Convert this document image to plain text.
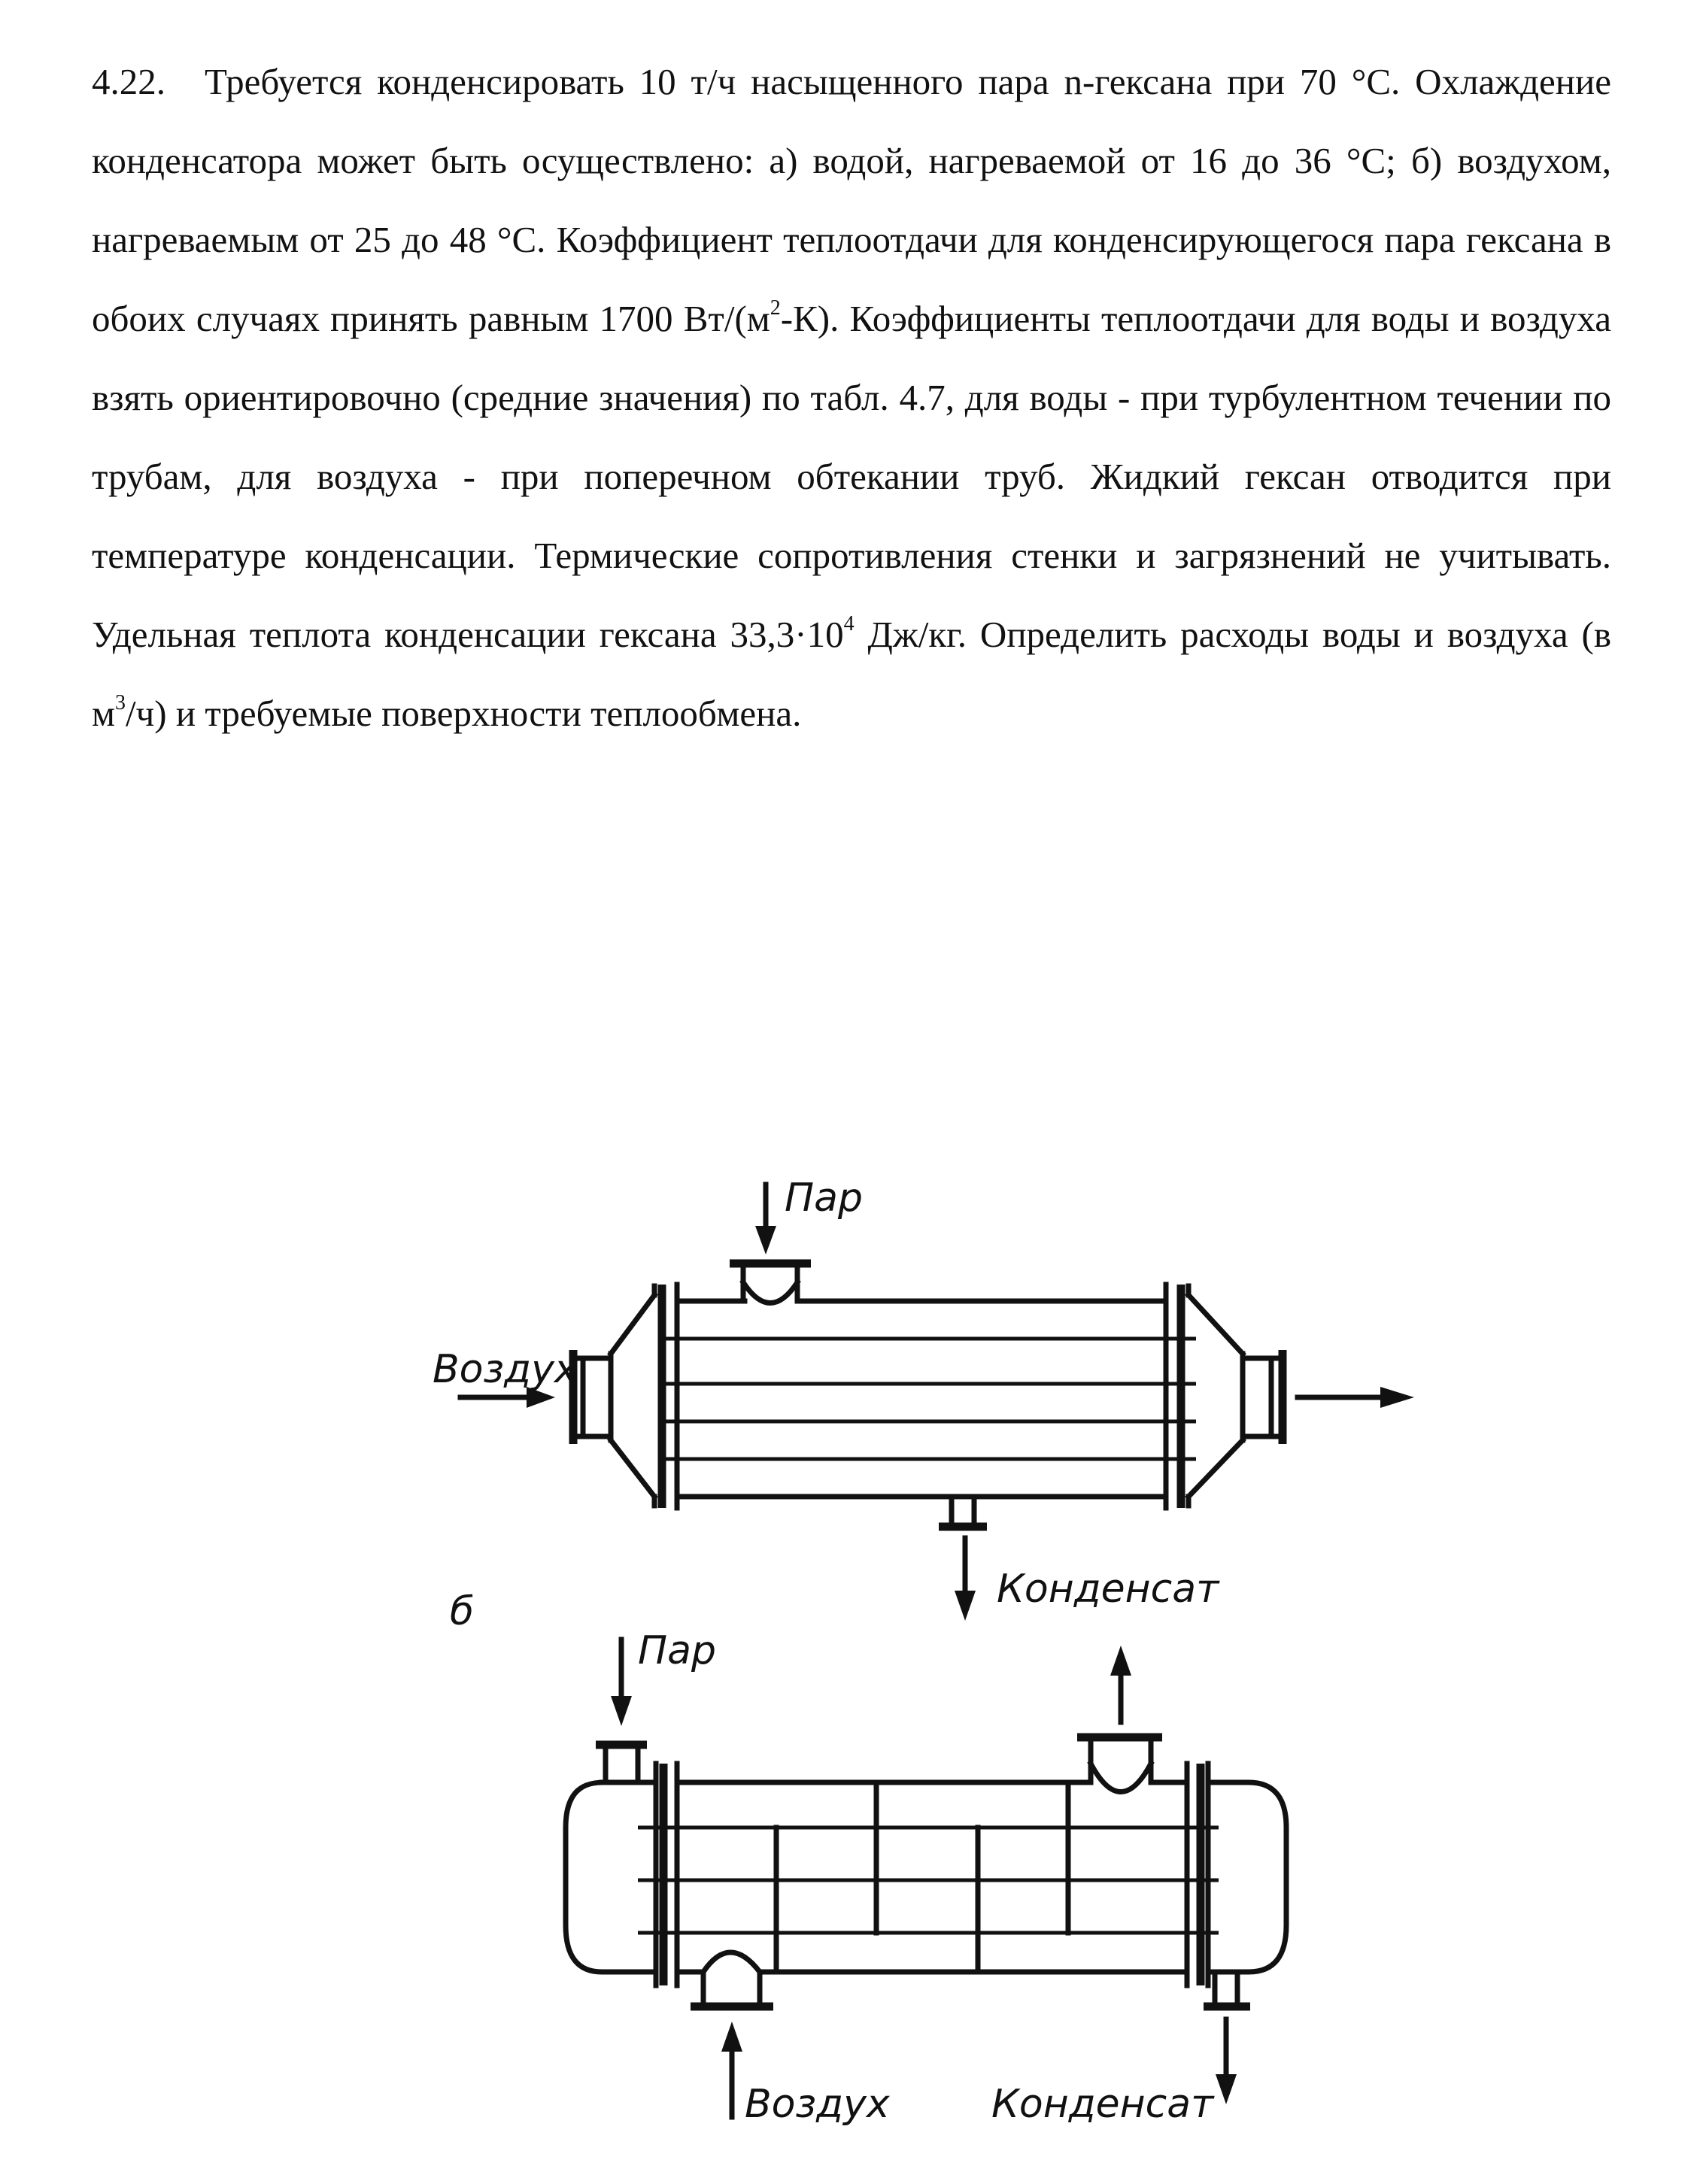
4.22. Требуется конденсировать 10 т/ч насыщенного пара n-гексана при 70 °С. Охлаждение конденсатора может быть осуществлено: а) водой, нагреваемой от 16 до 36 °С; б) воздухом, нагреваемым от 25 до 48 °С. Коэффициент теплоотдачи для конденсирующегося пара гексана в обоих случаях принять равным 1700 $Вт/(м^2-К)$. Коэффициенты теплоотдачи для воды и воздуха взять ориентировочно (средние значения) по табл. 4.7, для воды - при турбулентном течении по трубам, для воздуха - при поперечном обтекании труб. Жидкий гексан отводится при температуре конденсации. Термические сопротивления стенки и загрязнений не учитывать. Удельная теплота конденсации гексана $33,3\cdot 10^4$ Дж/кг. Определить расходы воды и воздуха (в $м^3/ч$) и требуемые поверхности теплообмена.

Пар
Воздух
Конденсат
б
Пар
Воздух	Конденсат
